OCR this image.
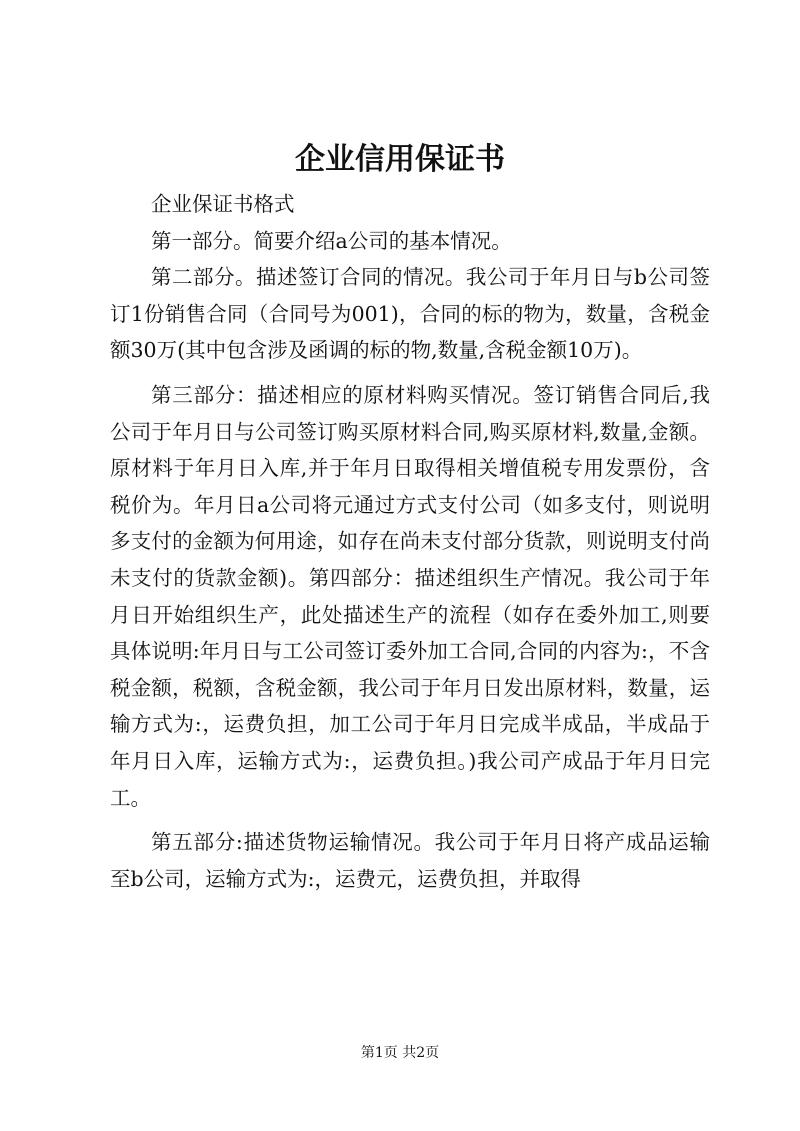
企业信用保证书

企业保证书格式

第一部分。简要介绍a公司的基本情况。

第二部分。描述签订合同的情况。我公司于年月日与b公司签订1份销售合同（合同号为001)，合同的标的物为，数量，含税金额30万(其中包含涉及函调的标的物,数量,含税金额10万)。

第三部分：描述相应的原材料购买情况。签订销售合同后,我公司于年月日与公司签订购买原材料合同,购买原材料,数量,金额。原材料于年月日入库,并于年月日取得相关增值税专用发票份，含税价为。年月日a公司将元通过方式支付公司（如多支付，则说明多支付的金额为何用途，如存在尚未支付部分货款，则说明支付尚未支付的货款金额)。第四部分：描述组织生产情况。我公司于年月日开始组织生产，此处描述生产的流程（如存在委外加工,则要具体说明:年月日与工公司签订委外加工合同,合同的内容为:，不含税金额，税额，含税金额，我公司于年月日发出原材料，数量，运输方式为:，运费负担，加工公司于年月日完成半成品，半成品于年月日入库，运输方式为:，运费负担。)我公司产成品于年月日完工。

第五部分:描述货物运输情况。我公司于年月日将产成品运输至b公司，运输方式为:，运费元，运费负担，并取得

第1页 共2页
